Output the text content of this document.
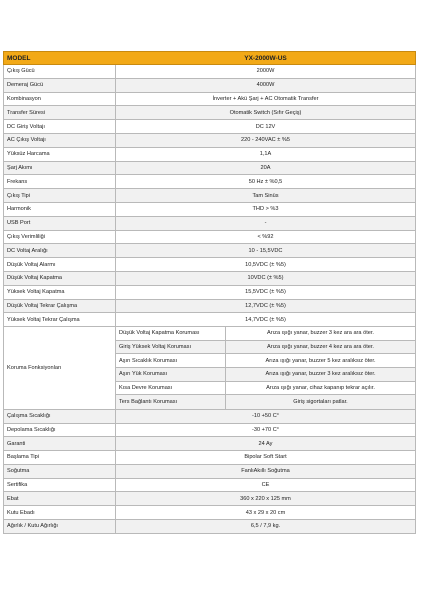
MODEL	YX-2000W-US
Çıkış Gücü	2000W
Demeraj Gücü	4000W
Kombinasyon	İnverter + Akü Şarj + AC Otomatik Transfer
Transfer Süresi	Otomatik Switch (Sıfır Geçiş)
DC Giriş Voltajı	DC 12V
AC Çıkış Voltajı	220 - 240VAC ± %5
Yüksüz Harcama	1,1A
Şarj Akımı	20A
Frekans	50 Hz ± %0,5
Çıkış Tipi	Tam Sinüs
Harmonik	THD > %3
USB Port	-
Çıkış Verimliliği	< %92
DC Voltaj Aralığı	10 - 15,5VDC
Düşük Voltaj Alarmı	10,5VDC (± %5)
Düşük Voltaj Kapatma	10VDC (± %5)
Yüksek Voltaj Kapatma	15,5VDC (± %5)
Düşük Voltaj Tekrar Çalışma	12,7VDC (± %5)
Yüksek Voltaj Tekrar Çalışma	14,7VDC (± %5)
Koruma Fonksiyonları
Düşük Voltaj Kapatma Koruması	Arıza ışığı yanar, buzzer 3 kez ara ara öter.
Giriş Yüksek Voltaj Koruması	Arıza ışığı yanar, buzzer 4 kez ara ara öter.
Aşırı Sıcaklık Koruması	Arıza ışığı yanar, buzzer 5 kez aralıksız öter.
Aşırı Yük Koruması	Arıza ışığı yanar, buzzer 3 kez aralıksız öter.
Kısa Devre Koruması	Arıza ışığı yanar, cihaz kapanıp tekrar açılır.
Ters Bağlantı Koruması	Giriş sigortaları patlar.
Çalışma Sıcaklığı	-10 +50 C°
Depolama Sıcaklığı	-30 +70 C°
Garanti	24 Ay
Başlama Tipi	Bipolar Soft Start
Soğutma	FanlıAkıllı Soğutma
Sertifika	CE
Ebat	360 x 220 x 125 mm
Kutu Ebadı	43 x 29 x 20 cm
Ağırlık / Kutu Ağırlığı	6,5 / 7,9 kg.
